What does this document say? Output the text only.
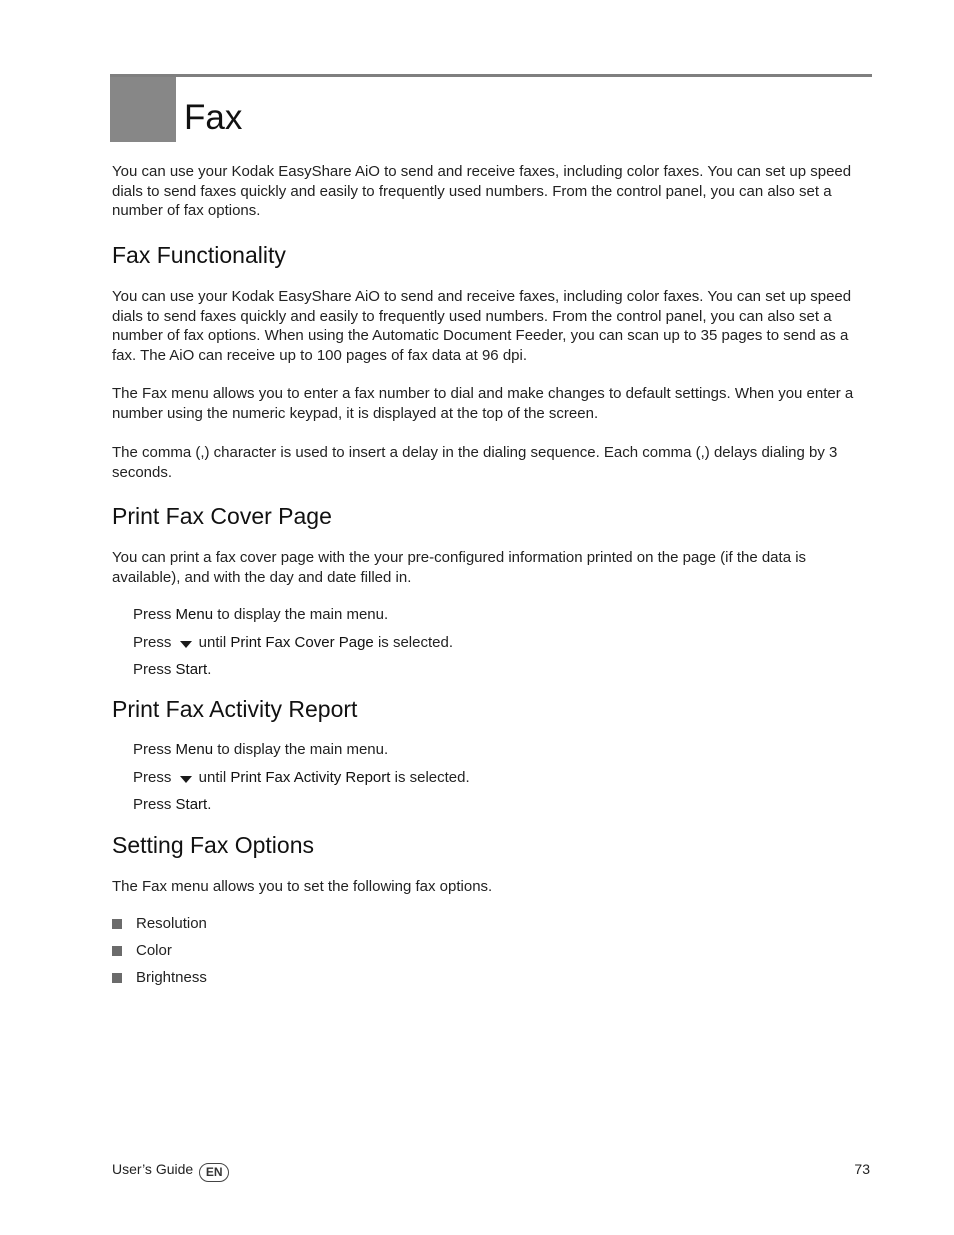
Fax

You can use your Kodak EasyShare AiO to send and receive faxes, including color faxes. You can set up speed dials to send faxes quickly and easily to frequently used numbers. From the control panel, you can also set a number of fax options.

Fax Functionality

You can use your Kodak EasyShare AiO to send and receive faxes, including color faxes. You can set up speed dials to send faxes quickly and easily to frequently used numbers. From the control panel, you can also set a number of fax options. When using the Automatic Document Feeder, you can scan up to 35 pages to send as a fax. The AiO can receive up to 100 pages of fax data at 96 dpi.

The Fax menu allows you to enter a fax number to dial and make changes to default settings. When you enter a number using the numeric keypad, it is displayed at the top of the screen.

The comma (,) character is used to insert a delay in the dialing sequence. Each comma (,) delays dialing by 3 seconds.

Print Fax Cover Page

You can print a fax cover page with the your pre-configured information printed on the page (if the data is available), and with the day and date filled in.

Press Menu to display the main menu.
Press  until Print Fax Cover Page is selected.
Press Start.
Print Fax Activity Report
Press Menu to display the main menu.
Press  until Print Fax Activity Report is selected.
Press Start.
Setting Fax Options

The Fax menu allows you to set the following fax options.

Resolution
Color
Brightness
User’s Guide EN	73
